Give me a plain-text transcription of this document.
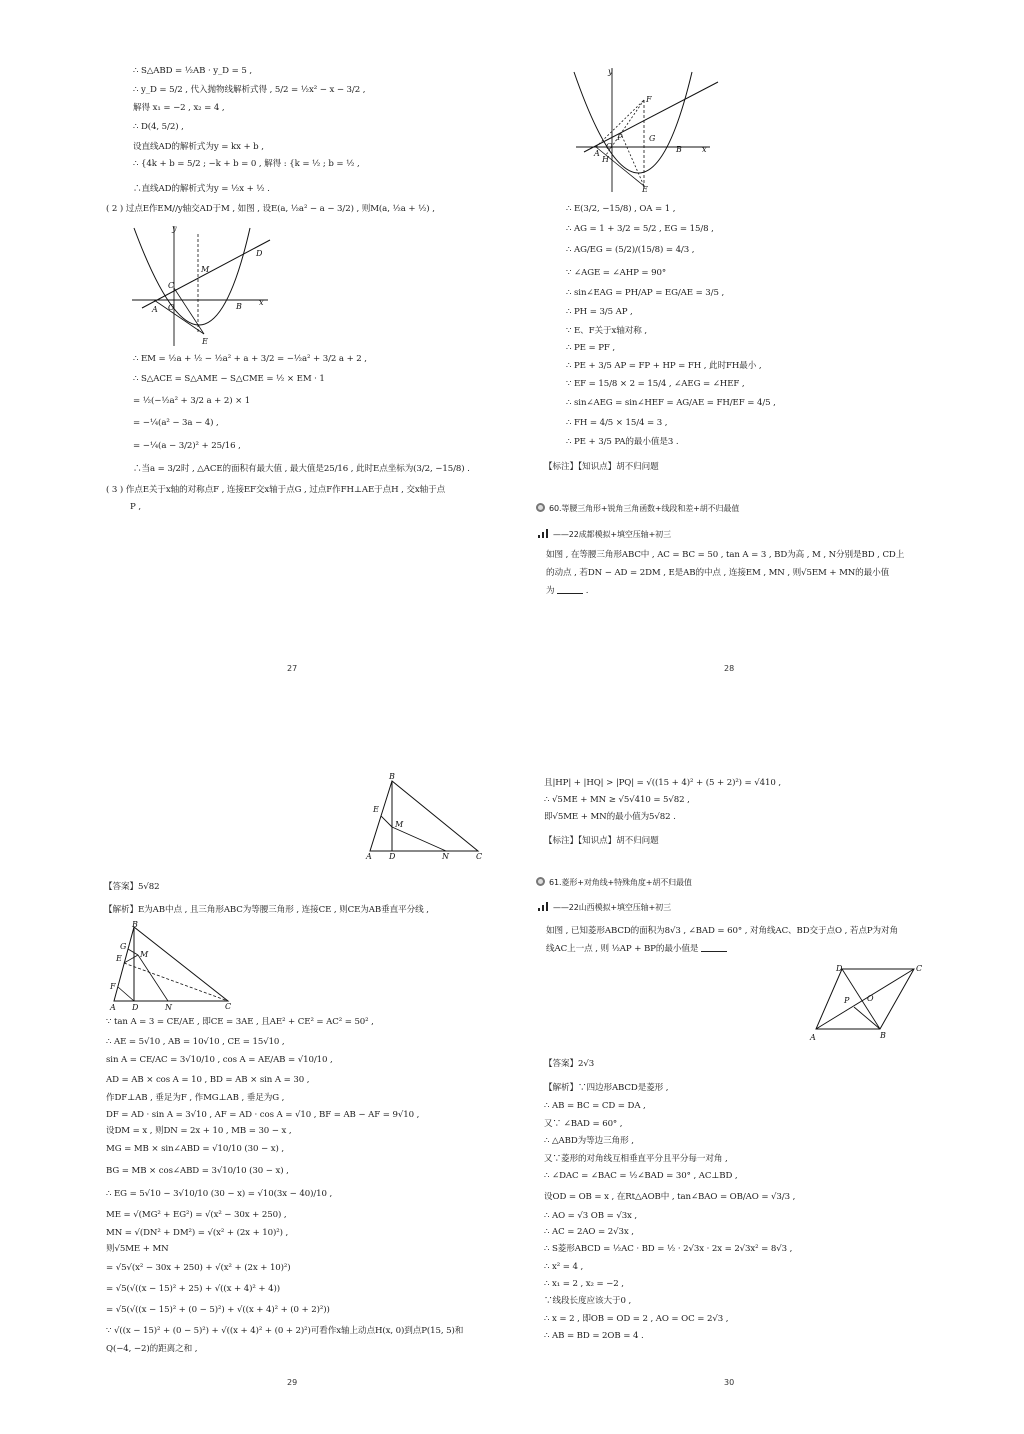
∴ S△ABD = ½AB · y_D = 5 ,
∴ y_D = 5/2 , 代入抛物线解析式得 , 5/2 = ½x² − x − 3/2 ,
解得 x₁ = −2 , x₂ = 4 ,
∴ D(4, 5/2) ,
设直线AD的解析式为y = kx + b ,
∴ {4k + b = 5/2 ; −k + b = 0 , 解得 : {k = ½ ; b = ½ ,
∴直线AD的解析式为y = ½x + ½ .
( 2 ) 过点E作EM//y轴交AD于M , 如图 , 设E(a, ½a² − a − 3/2) , 则M(a, ½a + ½) ,
y
x
O
A	B
C
D
M
E
∴ EM = ½a + ½ − ½a² + a + 3/2 = −½a² + 3/2 a + 2 ,
∴ S△ACE = S△AME − S△CME = ½ × EM · 1
= ½(−½a² + 3/2 a + 2) × 1
= −¼(a² − 3a − 4) ,
= −¼(a − 3/2)² + 25/16 ,
∴当a = 3/2时 , △ACE的面积有最大值 , 最大值是25/16 , 此时E点坐标为(3/2, −15/8) .
( 3 ) 作点E关于x轴的对称点F , 连接EF交x轴于点G , 过点F作FH⊥AE于点H , 交x轴于点
P ,
27
y
x
F
P	G
A
O
H
B
E
∴ E(3/2, −15/8) , OA = 1 ,
∴ AG = 1 + 3/2 = 5/2 , EG = 15/8 ,
∴ AG/EG = (5/2)/(15/8) = 4/3 ,
∵ ∠AGE = ∠AHP = 90°
∴ sin∠EAG = PH/AP = EG/AE = 3/5 ,
∴ PH = 3/5 AP ,
∵ E、F关于x轴对称 ,
∴ PE = PF ,
∴ PE + 3/5 AP = FP + HP = FH , 此时FH最小 ,
∵ EF = 15/8 × 2 = 15/4 , ∠AEG = ∠HEF ,
∴ sin∠AEG = sin∠HEF = AG/AE = FH/EF = 4/5 ,
∴ FH = 4/5 × 15/4 = 3 ,
∴ PE + 3/5 PA的最小值是3 .
【标注】【知识点】胡不归问题
60.等腰三角形+锐角三角函数+线段和差+胡不归最值
——22成都模拟+填空压轴+初三
如图 , 在等腰三角形ABC中 , AC = BC = 50 , tan A = 3 , BD为高 , M , N分别是BD , CD上
的动点 , 若DN − AD = 2DM , E是AB的中点 , 连接EM , MN , 则√5EM + MN的最小值
为	.
28
B
E
M
A D	N	C
【答案】5√82
【解析】E为AB中点 , 且三角形ABC为等腰三角形 , 连接CE , 则CE为AB垂直平分线 ,
B
G
E M
F
A D	N	C
∵ tan A = 3 = CE/AE , 即CE = 3AE , 且AE² + CE² = AC² = 50² ,
∴ AE = 5√10 , AB = 10√10 , CE = 15√10 ,
sin A = CE/AC = 3√10/10 , cos A = AE/AB = √10/10 ,
AD = AB × cos A = 10 , BD = AB × sin A = 30 ,
作DF⊥AB , 垂足为F , 作MG⊥AB , 垂足为G ,
DF = AD · sin A = 3√10 , AF = AD · cos A = √10 , BF = AB − AF = 9√10 ,
设DM = x , 则DN = 2x + 10 , MB = 30 − x ,
MG = MB × sin∠ABD = √10/10 (30 − x) ,
BG = MB × cos∠ABD = 3√10/10 (30 − x) ,
∴ EG = 5√10 − 3√10/10 (30 − x) = √10(3x − 40)/10 ,
ME = √(MG² + EG²) = √(x² − 30x + 250) ,
MN = √(DN² + DM²) = √(x² + (2x + 10)²) ,
则√5ME + MN
= √5√(x² − 30x + 250) + √(x² + (2x + 10)²)
= √5(√((x − 15)² + 25) + √((x + 4)² + 4))
= √5(√((x − 15)² + (0 − 5)²) + √((x + 4)² + (0 + 2)²))
∵ √((x − 15)² + (0 − 5)²) + √((x + 4)² + (0 + 2)²)可看作x轴上动点H(x, 0)到点P(15, 5)和
Q(−4, −2)的距离之和 ,
29
且|HP| + |HQ| > |PQ| = √((15 + 4)² + (5 + 2)²) = √410 ,
∴ √5ME + MN ≥ √5√410 = 5√82 ,
即√5ME + MN的最小值为5√82 .
【标注】【知识点】胡不归问题
61.菱形+对角线+特殊角度+胡不归最值
——22山西模拟+填空压轴+初三
如图 , 已知菱形ABCD的面积为8√3 , ∠BAD = 60° , 对角线AC、BD交于点O , 若点P为对角
线AC上一点 , 则 ½AP + BP的最小值是
D	C
P O
A	B
【答案】2√3
【解析】∵四边形ABCD是菱形 ,
∴ AB = BC = CD = DA ,
又∵ ∠BAD = 60° ,
∴ △ABD为等边三角形 ,
又∵菱形的对角线互相垂直平分且平分每一对角 ,
∴ ∠DAC = ∠BAC = ½∠BAD = 30° , AC⊥BD ,
设OD = OB = x , 在Rt△AOB中 , tan∠BAO = OB/AO = √3/3 ,
∴ AO = √3 OB = √3x ,
∴ AC = 2AO = 2√3x ,
∴ S菱形ABCD = ½AC · BD = ½ · 2√3x · 2x = 2√3x² = 8√3 ,
∴ x² = 4 ,
∴ x₁ = 2 , x₂ = −2 ,
∵线段长度应该大于0 ,
∴ x = 2 , 即OB = OD = 2 , AO = OC = 2√3 ,
∴ AB = BD = 2OB = 4 .
30
